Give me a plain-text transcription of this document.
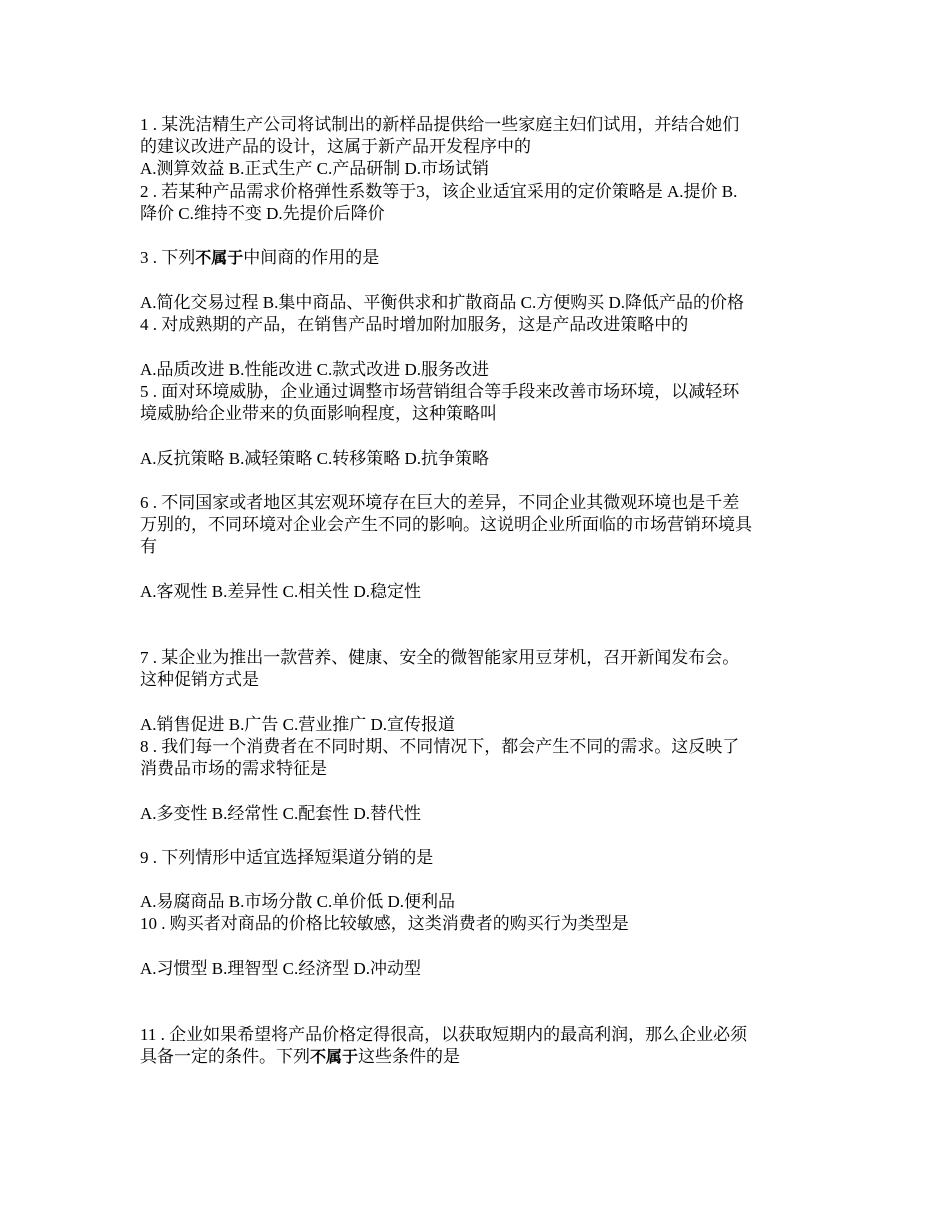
1 . 某洗洁精生产公司将试制出的新样品提供给一些家庭主妇们试用，并结合她们
的建议改进产品的设计，这属于新产品开发程序中的
A.测算效益 B.正式生产 C.产品研制 D.市场试销
2 . 若某种产品需求价格弹性系数等于3，该企业适宜采用的定价策略是 A.提价 B.
降价 C.维持不变 D.先提价后降价
3 . 下列不属于中间商的作用的是
A.简化交易过程 B.集中商品、平衡供求和扩散商品 C.方便购买 D.降低产品的价格
4 . 对成熟期的产品，在销售产品时增加附加服务，这是产品改进策略中的
A.品质改进 B.性能改进 C.款式改进 D.服务改进
5 . 面对环境威胁，企业通过调整市场营销组合等手段来改善市场环境，以减轻环
境威胁给企业带来的负面影响程度，这种策略叫
A.反抗策略 B.减轻策略 C.转移策略 D.抗争策略
6 . 不同国家或者地区其宏观环境存在巨大的差异，不同企业其微观环境也是千差
万别的，不同环境对企业会产生不同的影响。这说明企业所面临的市场营销环境具
有
A.客观性 B.差异性 C.相关性 D.稳定性
7 . 某企业为推出一款营养、健康、安全的微智能家用豆芽机，召开新闻发布会。
这种促销方式是
A.销售促进 B.广告 C.营业推广 D.宣传报道
8 . 我们每一个消费者在不同时期、不同情况下，都会产生不同的需求。这反映了
消费品市场的需求特征是
A.多变性 B.经常性 C.配套性 D.替代性
9 . 下列情形中适宜选择短渠道分销的是
A.易腐商品 B.市场分散 C.单价低 D.便利品
10 . 购买者对商品的价格比较敏感，这类消费者的购买行为类型是
A.习惯型 B.理智型 C.经济型 D.冲动型
11 . 企业如果希望将产品价格定得很高，以获取短期内的最高利润，那么企业必须
具备一定的条件。下列不属于这些条件的是
